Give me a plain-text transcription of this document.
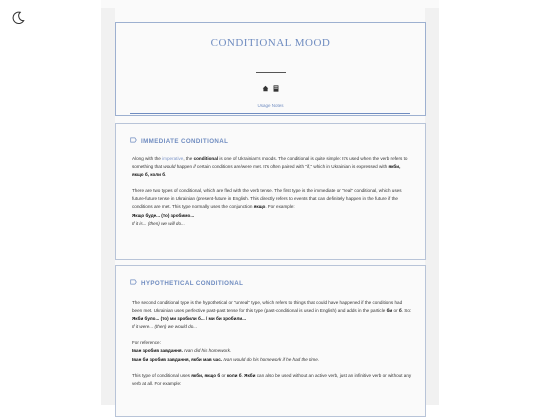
CONDITIONAL MOOD

Usage Notes
IMMEDIATE CONDITIONAL

Along with the imperative, the conditional is one of Ukrainian's moods. The conditional is quite simple: It's used when the verb refers to something that would happen if certain conditions are/were met. It's often paired with "if," which in Ukrainian is expressed with якби, якщо б, коли б.

There are two types of conditional, which are fled with the verb tense. The first type is the immediate or "real" conditional, which uses future-future tense in Ukrainian (present-future in English. This directly refers to events that can definitely happen in the future if the conditions are met. This type normally uses the conjunction якщо. For example:
Якщо буде... (то) зробимо...
If it is... (then) we will do...

HYPOTHETICAL CONDITIONAL

The second conditional type is the hypothetical or "unreal" type, which refers to things that could have happened if the conditions had been met. Ukrainian uses perfective past-past tense for this type (past-conditional is used in English) and adds in the particle би or б. So:
Якби було... (то) ми зробили б... / ми би зробили...
If it were... (then) we would do...

For reference:
Іван зробив завдання. Ivan did his homework.
Іван би зробив завдання, якби мав час. Ivan would do his homework if he had the time.

This type of conditional uses якби, якщо б or коли б. Якби can also be used without an active verb, just an infinitive verb or without any verb at all. For example:
